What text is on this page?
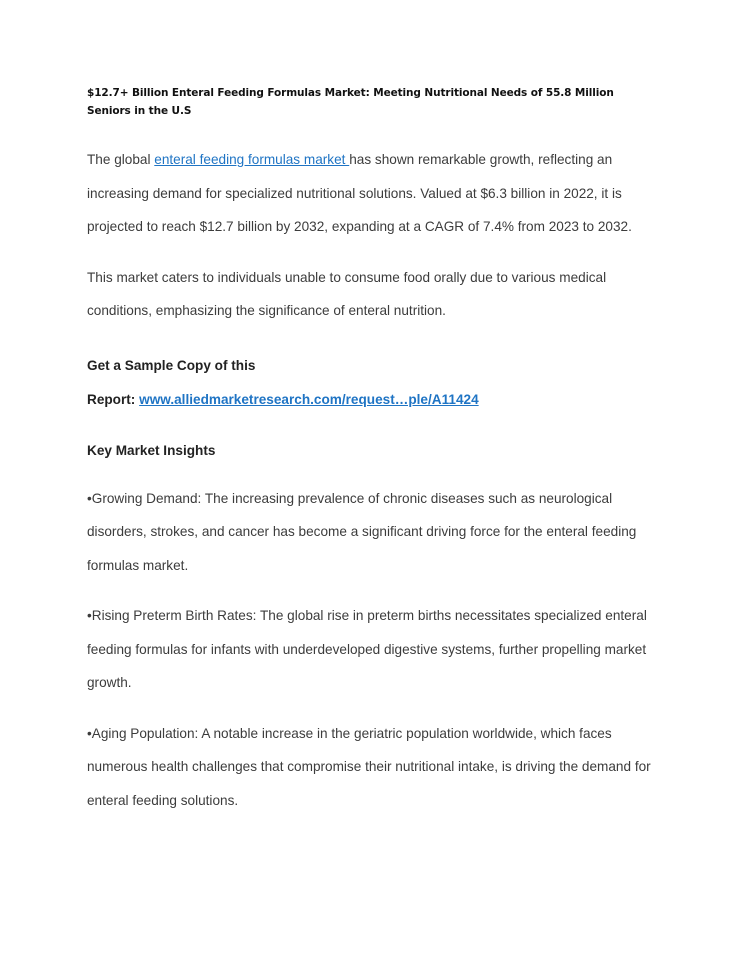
$12.7+ Billion Enteral Feeding Formulas Market: Meeting Nutritional Needs of 55.8 Million Seniors in the U.S

The global enteral feeding formulas market has shown remarkable growth, reflecting an increasing demand for specialized nutritional solutions. Valued at $6.3 billion in 2022, it is projected to reach $12.7 billion by 2032, expanding at a CAGR of 7.4% from 2023 to 2032.

This market caters to individuals unable to consume food orally due to various medical conditions, emphasizing the significance of enteral nutrition.

Get a Sample Copy of this
Report: www.alliedmarketresearch.com/request…ple/A11424
Key Market Insights

•Growing Demand: The increasing prevalence of chronic diseases such as neurological disorders, strokes, and cancer has become a significant driving force for the enteral feeding formulas market.

•Rising Preterm Birth Rates: The global rise in preterm births necessitates specialized enteral feeding formulas for infants with underdeveloped digestive systems, further propelling market growth.

•Aging Population: A notable increase in the geriatric population worldwide, which faces numerous health challenges that compromise their nutritional intake, is driving the demand for enteral feeding solutions.
